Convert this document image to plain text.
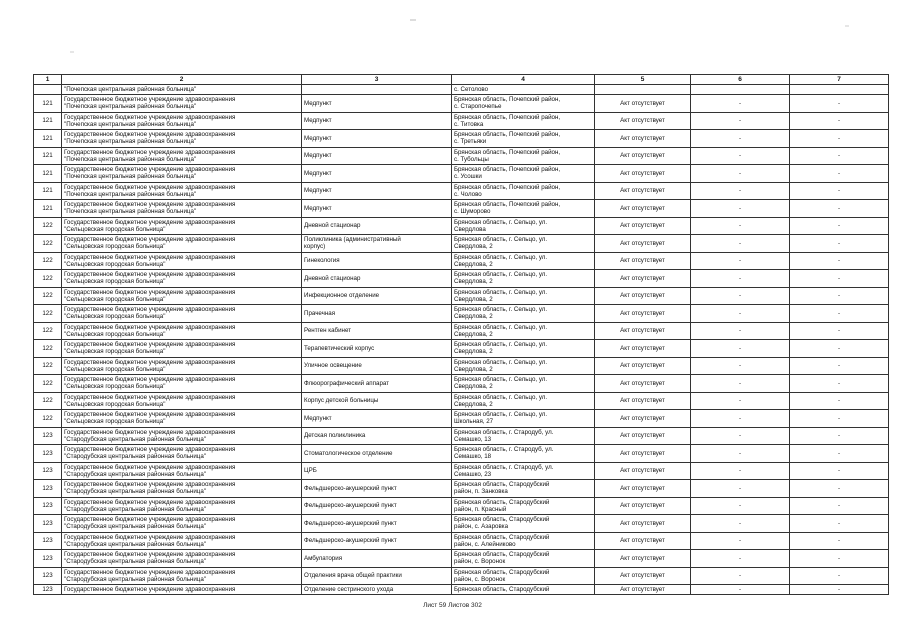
1	2	3	4	5	6	7
	"Почепская центральная районная больница"		с. Сетолово			
121	Государственное бюджетное учреждение здравоохранения
"Почепская центральная районная больница"	Медпункт	Брянская область, Почепский район,
с. Старопочепье	Акт отсутствует	-	-
121	Государственное бюджетное учреждение здравоохранения
"Почепская центральная районная больница"	Медпункт	Брянская область, Почепский район,
с. Титовка	Акт отсутствует	-	-
121	Государственное бюджетное учреждение здравоохранения
"Почепская центральная районная больница"	Медпункт	Брянская область, Почепский район,
с. Третьяки	Акт отсутствует	-	-
121	Государственное бюджетное учреждение здравоохранения
"Почепская центральная районная больница"	Медпункт	Брянская область, Почепский район,
с. Тубольцы	Акт отсутствует	-	-
121	Государственное бюджетное учреждение здравоохранения
"Почепская центральная районная больница"	Медпункт	Брянская область, Почепский район,
с. Усошки	Акт отсутствует	-	-
121	Государственное бюджетное учреждение здравоохранения
"Почепская центральная районная больница"	Медпункт	Брянская область, Почепский район,
с. Чолово	Акт отсутствует	-	-
121	Государственное бюджетное учреждение здравоохранения
"Почепская центральная районная больница"	Медпункт	Брянская область, Почепский район,
с. Шуморово	Акт отсутствует	-	-
122	Государственное бюджетное учреждение здравоохранения
"Сельцовская городская больница"	Дневной стационар	Брянская область, г. Сельцо, ул.
Свердлова	Акт отсутствует	-	-
122	Государственное бюджетное учреждение здравоохранения
"Сельцовская городская больница"	Поликлиника (административный
корпус)	Брянская область, г. Сельцо, ул.
Свердлова, 2	Акт отсутствует	-	-
122	Государственное бюджетное учреждение здравоохранения
"Сельцовская городская больница"	Гинекология	Брянская область, г. Сельцо, ул.
Свердлова, 2	Акт отсутствует	-	-
122	Государственное бюджетное учреждение здравоохранения
"Сельцовская городская больница"	Дневной стационар	Брянская область, г. Сельцо, ул.
Свердлова, 2	Акт отсутствует	-	-
122	Государственное бюджетное учреждение здравоохранения
"Сельцовская городская больница"	Инфекционное отделение	Брянская область, г. Сельцо, ул.
Свердлова, 2	Акт отсутствует	-	-
122	Государственное бюджетное учреждение здравоохранения
"Сельцовская городская больница"	Прачечная	Брянская область, г. Сельцо, ул.
Свердлова, 2	Акт отсутствует	-	-
122	Государственное бюджетное учреждение здравоохранения
"Сельцовская городская больница"	Рентген кабинет	Брянская область, г. Сельцо, ул.
Свердлова, 2	Акт отсутствует	-	-
122	Государственное бюджетное учреждение здравоохранения
"Сельцовская городская больница"	Терапевтический корпус	Брянская область, г. Сельцо, ул.
Свердлова, 2	Акт отсутствует	-	-
122	Государственное бюджетное учреждение здравоохранения
"Сельцовская городская больница"	Уличное освещение	Брянская область, г. Сельцо, ул.
Свердлова, 2	Акт отсутствует	-	-
122	Государственное бюджетное учреждение здравоохранения
"Сельцовская городская больница"	Флюорографический аппарат	Брянская область, г. Сельцо, ул.
Свердлова, 2	Акт отсутствует	-	-
122	Государственное бюджетное учреждение здравоохранения
"Сельцовская городская больница"	Корпус детской больницы	Брянская область, г. Сельцо, ул.
Свердлова, 2	Акт отсутствует	-	-
122	Государственное бюджетное учреждение здравоохранения
"Сельцовская городская больница"	Медпункт	Брянская область, г. Сельцо, ул.
Школьная, 27	Акт отсутствует	-	-
123	Государственное бюджетное учреждение здравоохранения
"Стародубская центральная районная больница"	Детская поликлиника	Брянская область, г. Стародуб, ул.
Семашко, 13	Акт отсутствует	-	-
123	Государственное бюджетное учреждение здравоохранения
"Стародубская центральная районная больница"	Стоматологическое отделение	Брянская область, г. Стародуб, ул.
Семашко, 18	Акт отсутствует	-	-
123	Государственное бюджетное учреждение здравоохранения
"Стародубская центральная районная больница"	ЦРБ	Брянская область, г. Стародуб, ул.
Семашко, 23	Акт отсутствует	-	-
123	Государственное бюджетное учреждение здравоохранения
"Стародубская центральная районная больница"	Фельдшерско-акушерский пункт	Брянская область, Стародубский
район, п. Занковка	Акт отсутствует	-	-
123	Государственное бюджетное учреждение здравоохранения
"Стародубская центральная районная больница"	Фельдшерско-акушерский пункт	Брянская область, Стародубский
район, п. Красный	Акт отсутствует	-	-
123	Государственное бюджетное учреждение здравоохранения
"Стародубская центральная районная больница"	Фельдшерско-акушерский пункт	Брянская область, Стародубский
район, с. Азаровка	Акт отсутствует	-	-
123	Государственное бюджетное учреждение здравоохранения
"Стародубская центральная районная больница"	Фельдшерско-акушерский пункт	Брянская область, Стародубский
район, с. Алейниково	Акт отсутствует	-	-
123	Государственное бюджетное учреждение здравоохранения
"Стародубская центральная районная больница"	Амбулатория	Брянская область, Стародубский
район, с. Воронок	Акт отсутствует	-	-
123	Государственное бюджетное учреждение здравоохранения
"Стародубская центральная районная больница"	Отделения врача общей практики	Брянская область, Стародубский
район, с. Воронок	Акт отсутствует	-	-
123	Государственное бюджетное учреждение здравоохранения	Отделение сестринского ухода	Брянская область, Стародубский	Акт отсутствует	-	-
Лист 59 Листов 302
